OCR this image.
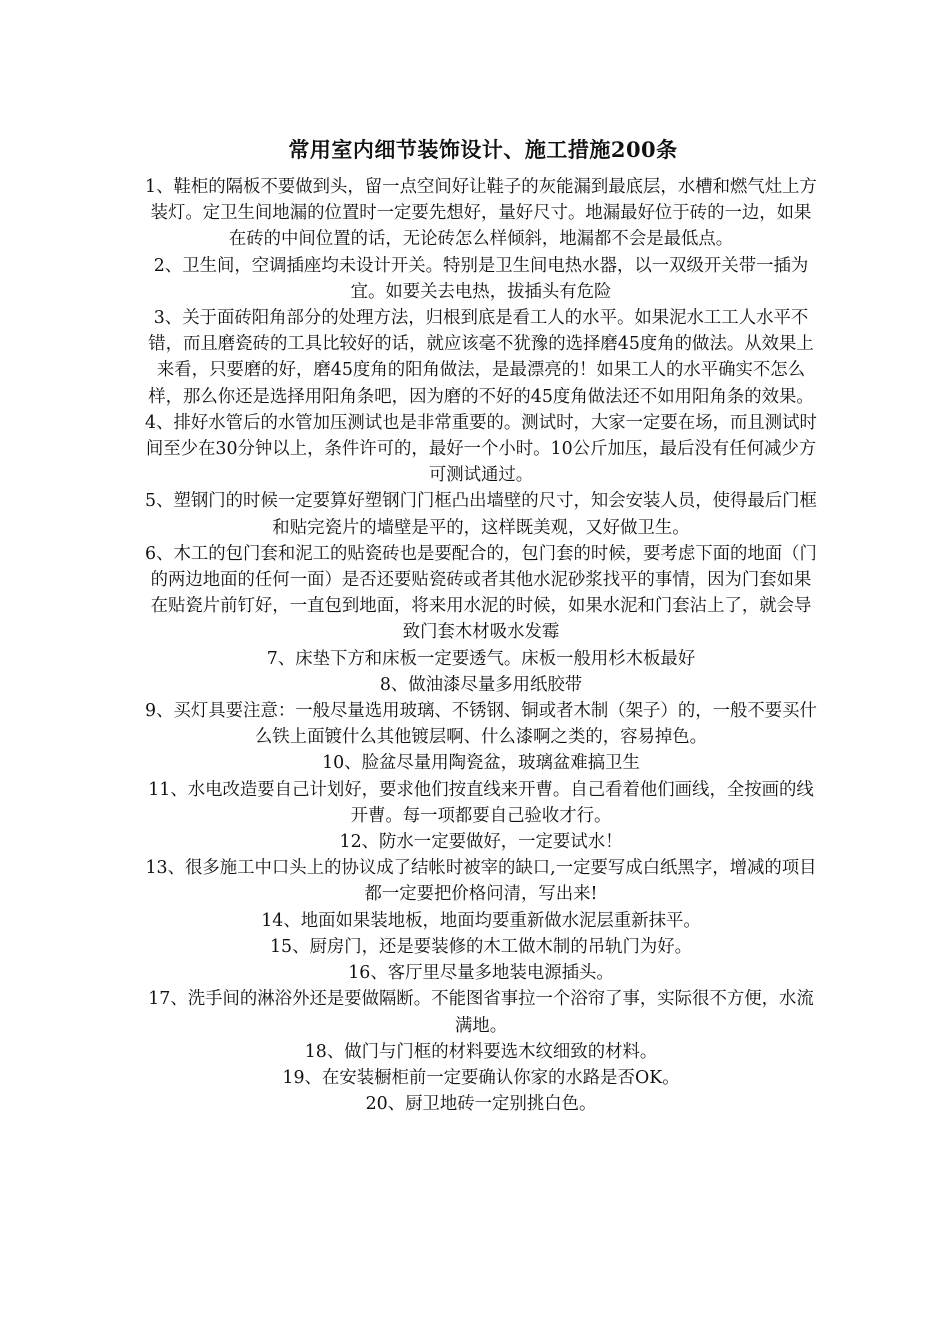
常用室内细节装饰设计、施工措施200条

1、鞋柜的隔板不要做到头，留一点空间好让鞋子的灰能漏到最底层，水槽和燃气灶上方装灯。定卫生间地漏的位置时一定要先想好，量好尺寸。地漏最好位于砖的一边，如果在砖的中间位置的话，无论砖怎么样倾斜，地漏都不会是最低点。

2、卫生间，空调插座均未设计开关。特别是卫生间电热水器，以一双级开关带一插为宜。如要关去电热，拔插头有危险

3、关于面砖阳角部分的处理方法，归根到底是看工人的水平。如果泥水工工人水平不错，而且磨瓷砖的工具比较好的话，就应该毫不犹豫的选择磨45度角的做法。从效果上来看，只要磨的好，磨45度角的阳角做法，是最漂亮的！如果工人的水平确实不怎么样，那么你还是选择用阳角条吧，因为磨的不好的45度角做法还不如用阳角条的效果。

4、排好水管后的水管加压测试也是非常重要的。测试时，大家一定要在场，而且测试时间至少在30分钟以上，条件许可的，最好一个小时。10公斤加压，最后没有任何减少方可测试通过。

5、塑钢门的时候一定要算好塑钢门门框凸出墙壁的尺寸，知会安装人员，使得最后门框和贴完瓷片的墙壁是平的，这样既美观，又好做卫生。

6、木工的包门套和泥工的贴瓷砖也是要配合的，包门套的时候，要考虑下面的地面（门的两边地面的任何一面）是否还要贴瓷砖或者其他水泥砂浆找平的事情，因为门套如果在贴瓷片前钉好，一直包到地面，将来用水泥的时候，如果水泥和门套沾上了，就会导致门套木材吸水发霉

7、床垫下方和床板一定要透气。床板一般用杉木板最好

8、做油漆尽量多用纸胶带

9、买灯具要注意：一般尽量选用玻璃、不锈钢、铜或者木制（架子）的，一般不要买什么铁上面镀什么其他镀层啊、什么漆啊之类的，容易掉色。

10、脸盆尽量用陶瓷盆，玻璃盆难搞卫生

11、水电改造要自己计划好，要求他们按直线来开曹。自己看着他们画线，全按画的线开曹。每一项都要自己验收才行。

12、防水一定要做好，一定要试水！

13、很多施工中口头上的协议成了结帐时被宰的缺口,一定要写成白纸黑字，增减的项目都一定要把价格问清，写出来!

14、地面如果装地板，地面均要重新做水泥层重新抹平。

15、厨房门，还是要装修的木工做木制的吊轨门为好。

16、客厅里尽量多地装电源插头。

17、洗手间的淋浴外还是要做隔断。不能图省事拉一个浴帘了事，实际很不方便，水流满地。

18、做门与门框的材料要选木纹细致的材料。

19、在安装橱柜前一定要确认你家的水路是否OK。

20、厨卫地砖一定别挑白色。
